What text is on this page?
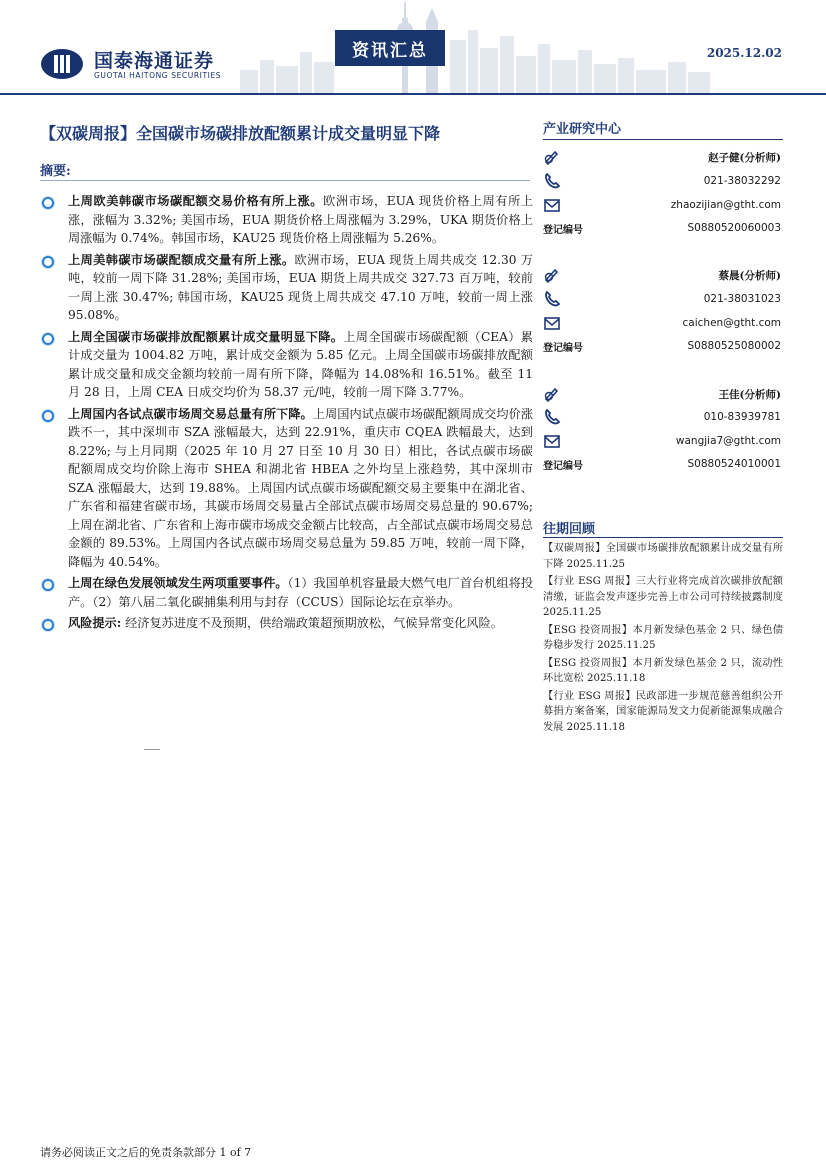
国泰海通证券
GUOTAI HAITONG SECURITIES
资讯汇总	2025.12.02
【双碳周报】全国碳市场碳排放配额累计成交量明显下降
摘要:
上周欧美韩碳市场碳配额交易价格有所上涨。欧洲市场，EUA 现货价格上周有所上涨，涨幅为 3.32%; 美国市场，EUA 期货价格上周涨幅为 3.29%，UKA 期货价格上周涨幅为 0.74%。韩国市场，KAU25 现货价格上周涨幅为 5.26%。
上周美韩碳市场碳配额成交量有所上涨。欧洲市场，EUA 现货上周共成交 12.30 万吨，较前一周下降 31.28%; 美国市场，EUA 期货上周共成交 327.73 百万吨，较前一周上涨 30.47%; 韩国市场，KAU25 现货上周共成交 47.10 万吨，较前一周上涨 95.08%。
上周全国碳市场碳排放配额累计成交量明显下降。上周全国碳市场碳配额（CEA）累计成交量为 1004.82 万吨，累计成交金额为 5.85 亿元。上周全国碳市场碳排放配额累计成交量和成交金额均较前一周有所下降，降幅为 14.08%和 16.51%。截至 11 月 28 日，上周 CEA 日成交均价为 58.37 元/吨，较前一周下降 3.77%。
上周国内各试点碳市场周交易总量有所下降。上周国内试点碳市场碳配额周成交均价涨跌不一，其中深圳市 SZA 涨幅最大，达到 22.91%，重庆市 CQEA 跌幅最大，达到 8.22%; 与上月同期（2025 年 10 月 27 日至 10 月 30 日）相比，各试点碳市场碳配额周成交均价除上海市 SHEA 和湖北省 HBEA 之外均呈上涨趋势，其中深圳市 SZA 涨幅最大，达到 19.88%。上周国内试点碳市场碳配额交易主要集中在湖北省、广东省和福建省碳市场，其碳市场周交易量占全部试点碳市场周交易总量的 90.67%; 上周在湖北省、广东省和上海市碳市场成交金额占比较高，占全部试点碳市场周交易总金额的 89.53%。上周国内各试点碳市场周交易总量为 59.85 万吨，较前一周下降，降幅为 40.54%。
上周在绿色发展领域发生两项重要事件。（1）我国单机容量最大燃气电厂首台机组将投产。（2）第八届二氧化碳捕集利用与封存（CCUS）国际论坛在京举办。
风险提示: 经济复苏进度不及预期，供给端政策超预期放松，气候异常变化风险。
产业研究中心
赵子健(分析师)
021-38032292
zhaozijian@gtht.com
登记编号	S0880520060003
蔡晨(分析师)
021-38031023
caichen@gtht.com
登记编号	S0880525080002
王佳(分析师)
010-83939781
wangjia7@gtht.com
登记编号	S0880524010001
往期回顾
【双碳周报】全国碳市场碳排放配额累计成交量有所下降 2025.11.25
【行业 ESG 周报】三大行业将完成首次碳排放配额清缴，证监会发声逐步完善上市公司可持续披露制度 2025.11.25
【ESG 投资周报】本月新发绿色基金 2 只、绿色债券稳步发行 2025.11.25
【ESG 投资周报】本月新发绿色基金 2 只，流动性环比宽松 2025.11.18
【行业 ESG 周报】民政部进一步规范慈善组织公开募捐方案备案，国家能源局发文力促新能源集成融合发展 2025.11.18
请务必阅读正文之后的免责条款部分 1 of 7
